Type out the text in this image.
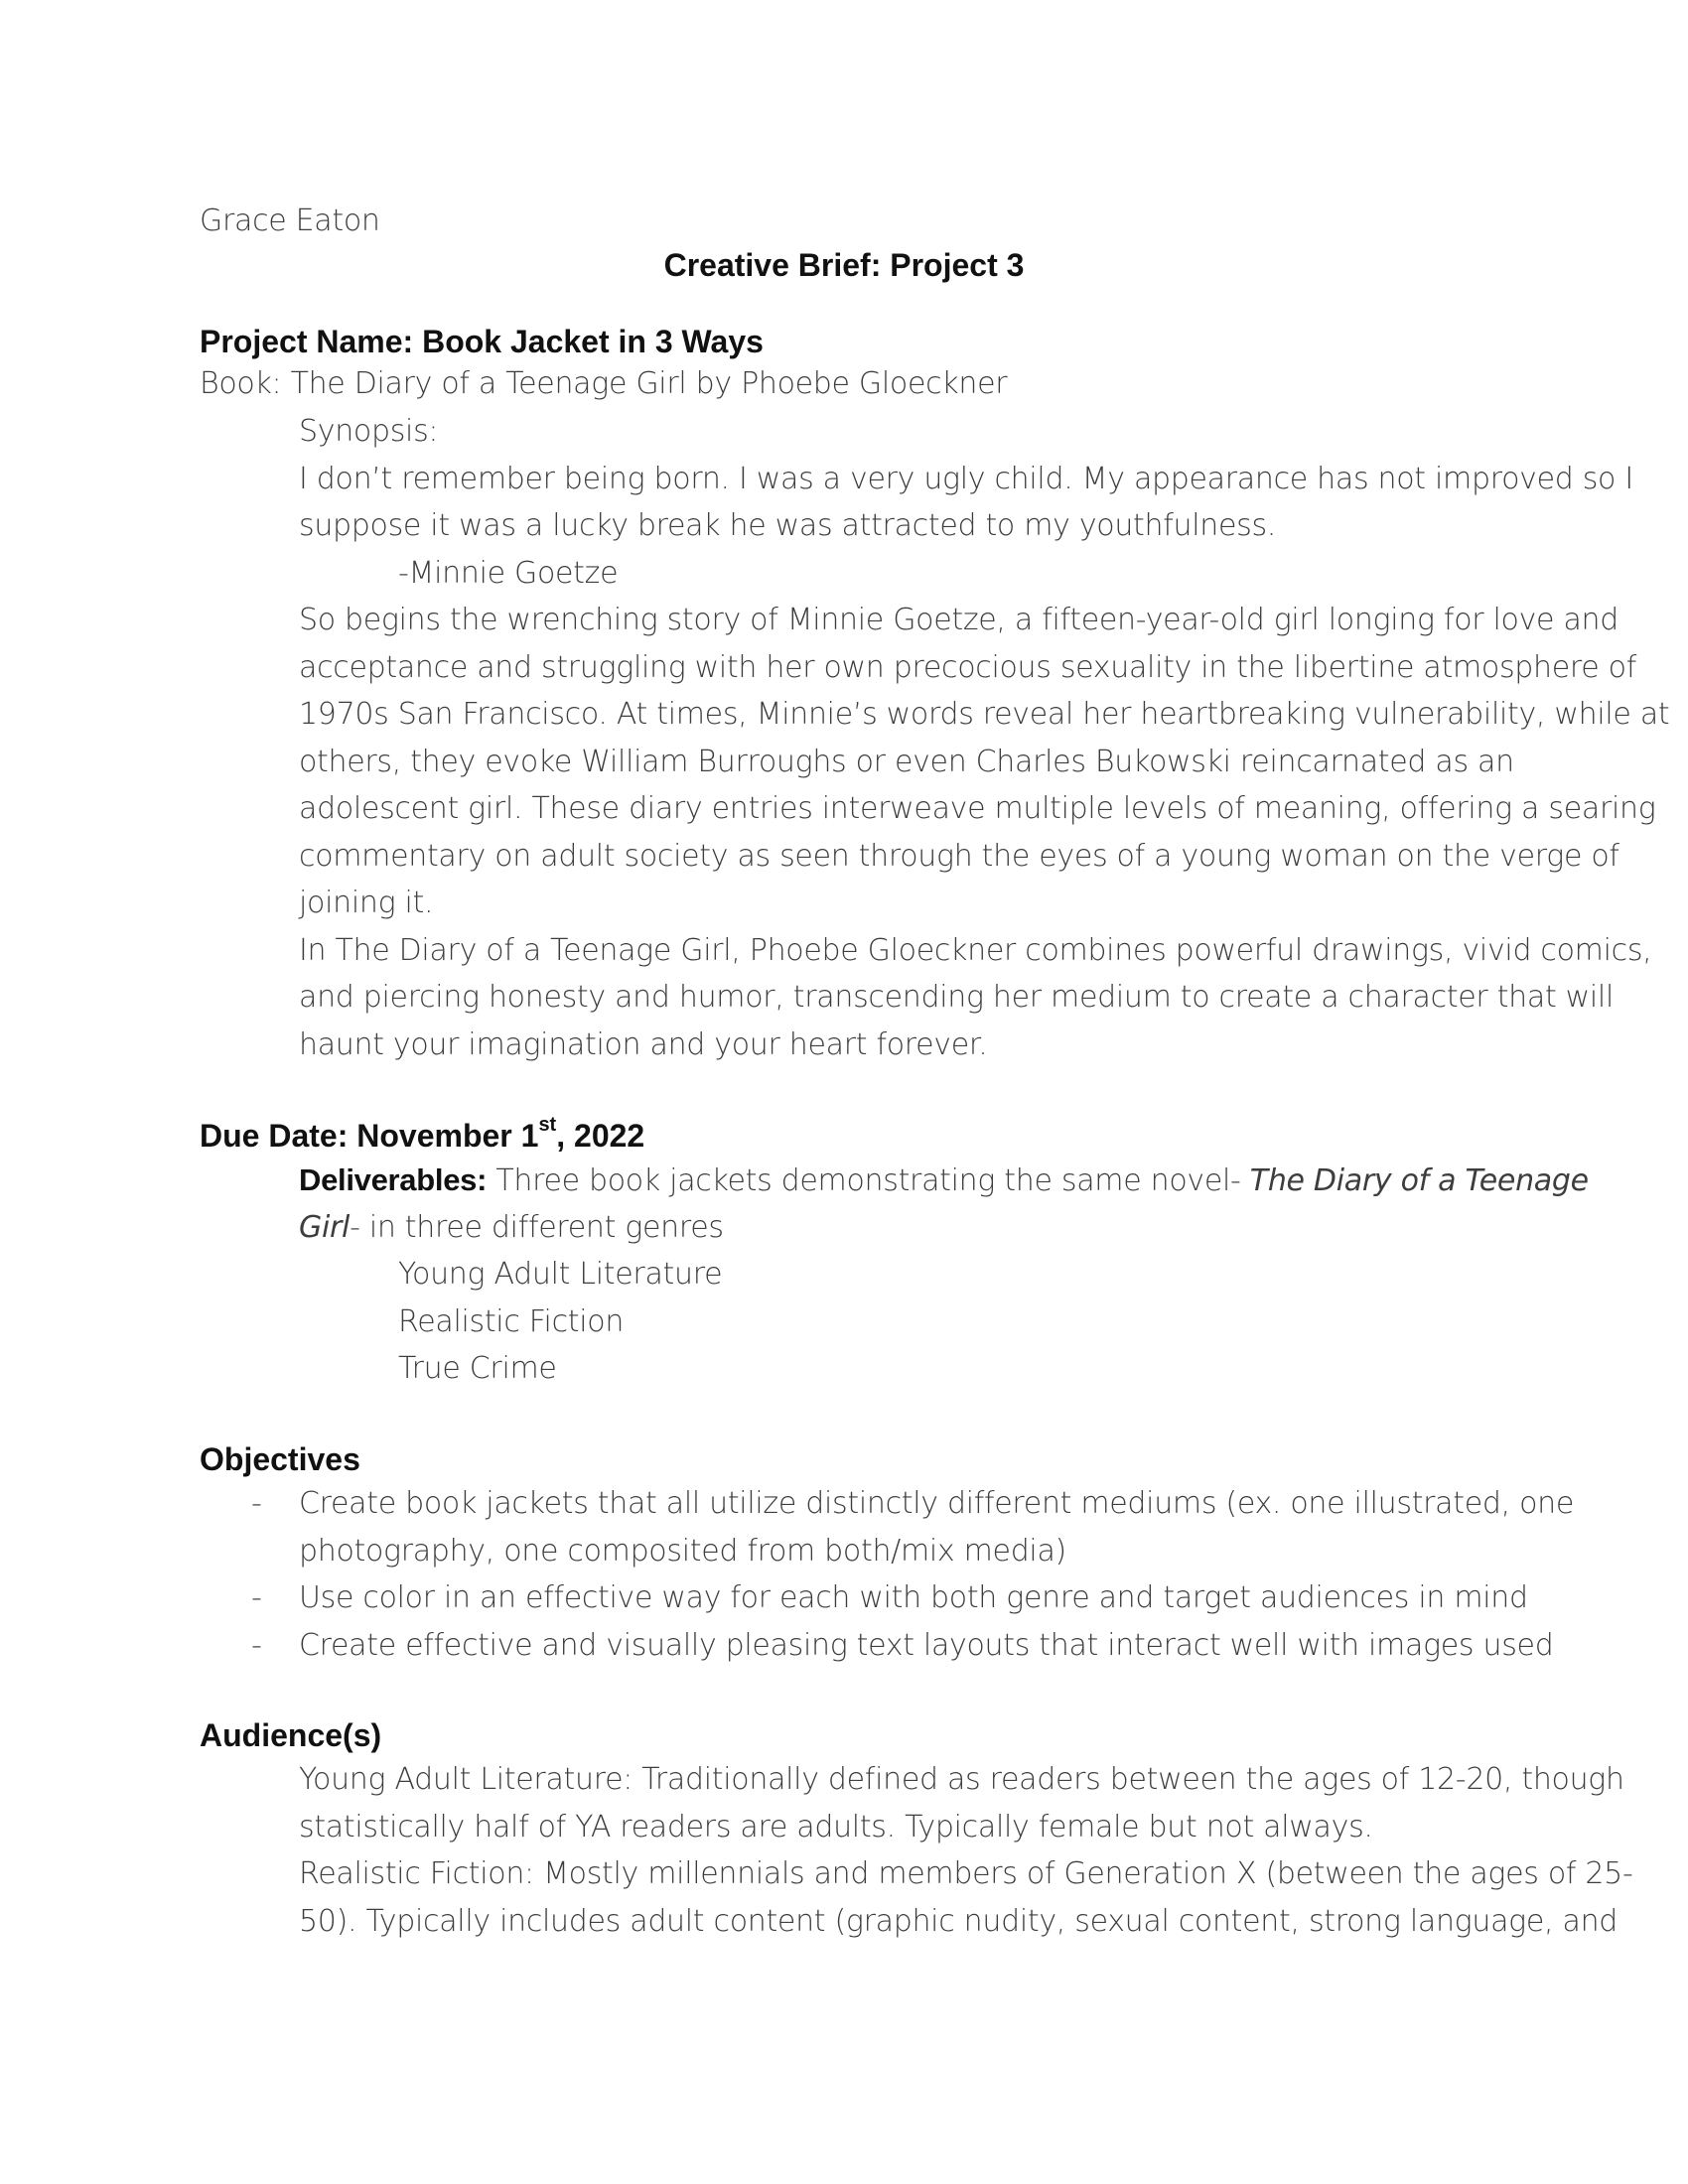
Grace Eaton
Creative Brief: Project 3
Project Name: Book Jacket in 3 Ways
Book: The Diary of a Teenage Girl by Phoebe Gloeckner
Synopsis:
I don’t remember being born. I was a very ugly child. My appearance has not improved so I
suppose it was a lucky break he was attracted to my youthfulness.
-Minnie Goetze
So begins the wrenching story of Minnie Goetze, a fifteen-year-old girl longing for love and
acceptance and struggling with her own precocious sexuality in the libertine atmosphere of
1970s San Francisco. At times, Minnie’s words reveal her heartbreaking vulnerability, while at
others, they evoke William Burroughs or even Charles Bukowski reincarnated as an
adolescent girl. These diary entries interweave multiple levels of meaning, offering a searing
commentary on adult society as seen through the eyes of a young woman on the verge of
joining it.
In The Diary of a Teenage Girl, Phoebe Gloeckner combines powerful drawings, vivid comics,
and piercing honesty and humor, transcending her medium to create a character that will
haunt your imagination and your heart forever.
Due Date: November 1st, 2022
Deliverables: Three book jackets demonstrating the same novel- The Diary of a Teenage
Girl- in three different genres
Young Adult Literature
Realistic Fiction
True Crime
Objectives
- Create book jackets that all utilize distinctly different mediums (ex. one illustrated, one
photography, one composited from both/mix media)
- Use color in an effective way for each with both genre and target audiences in mind
- Create effective and visually pleasing text layouts that interact well with images used
Audience(s)
Young Adult Literature: Traditionally defined as readers between the ages of 12-20, though
statistically half of YA readers are adults. Typically female but not always.
Realistic Fiction: Mostly millennials and members of Generation X (between the ages of 25-
50). Typically includes adult content (graphic nudity, sexual content, strong language, and
